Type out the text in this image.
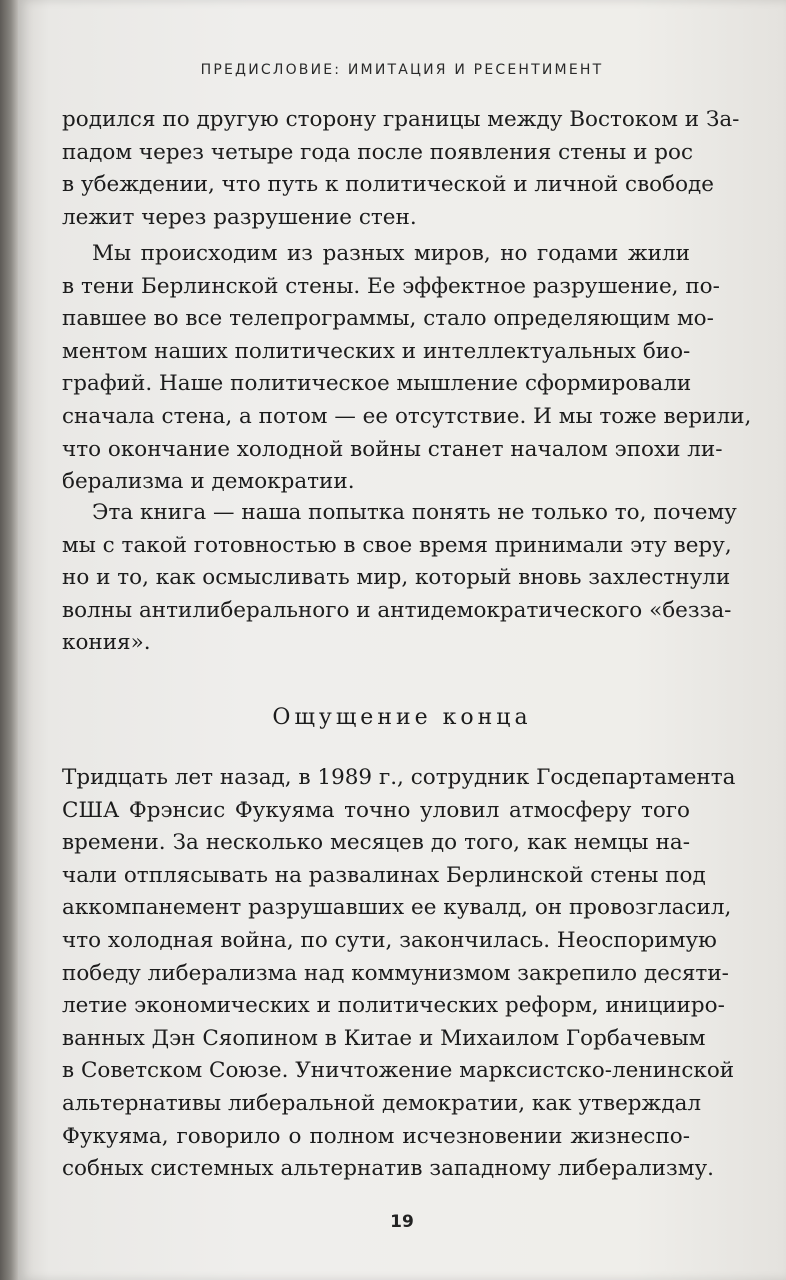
ПРЕДИСЛОВИЕ: ИМИТАЦИЯ И РЕСЕНТИМЕНТ
родился по другую сторону границы между Востоком и За-
падом через четыре года после появления стены и рос
в убеждении, что путь к политической и личной свободе
лежит через разрушение стен.
Мы происходим из разных миров, но годами жили
в тени Берлинской стены. Ее эффектное разрушение, по-
павшее во все телепрограммы, стало определяющим мо-
ментом наших политических и интеллектуальных био-
графий. Наше политическое мышление сформировали
сначала стена, а потом — ее отсутствие. И мы тоже верили,
что окончание холодной войны станет началом эпохи ли-
берализма и демократии.
Эта книга — наша попытка понять не только то, почему
мы с такой готовностью в свое время принимали эту веру,
но и то, как осмысливать мир, который вновь захлестнули
волны антилиберального и антидемократического «безза-
кония».
Ощущение конца
Тридцать лет назад, в 1989 г., сотрудник Госдепартамента
США Фрэнсис Фукуяма точно уловил атмосферу того
времени. За несколько месяцев до того, как немцы на-
чали отплясывать на развалинах Берлинской стены под
аккомпанемент разрушавших ее кувалд, он провозгласил,
что холодная война, по сути, закончилась. Неоспоримую
победу либерализма над коммунизмом закрепило десяти-
летие экономических и политических реформ, иницииро-
ванных Дэн Сяопином в Китае и Михаилом Горбачевым
в Советском Союзе. Уничтожение марксистско-ленинской
альтернативы либеральной демократии, как утверждал
Фукуяма, говорило о полном исчезновении жизнеспо-
собных системных альтернатив западному либерализму.
19
